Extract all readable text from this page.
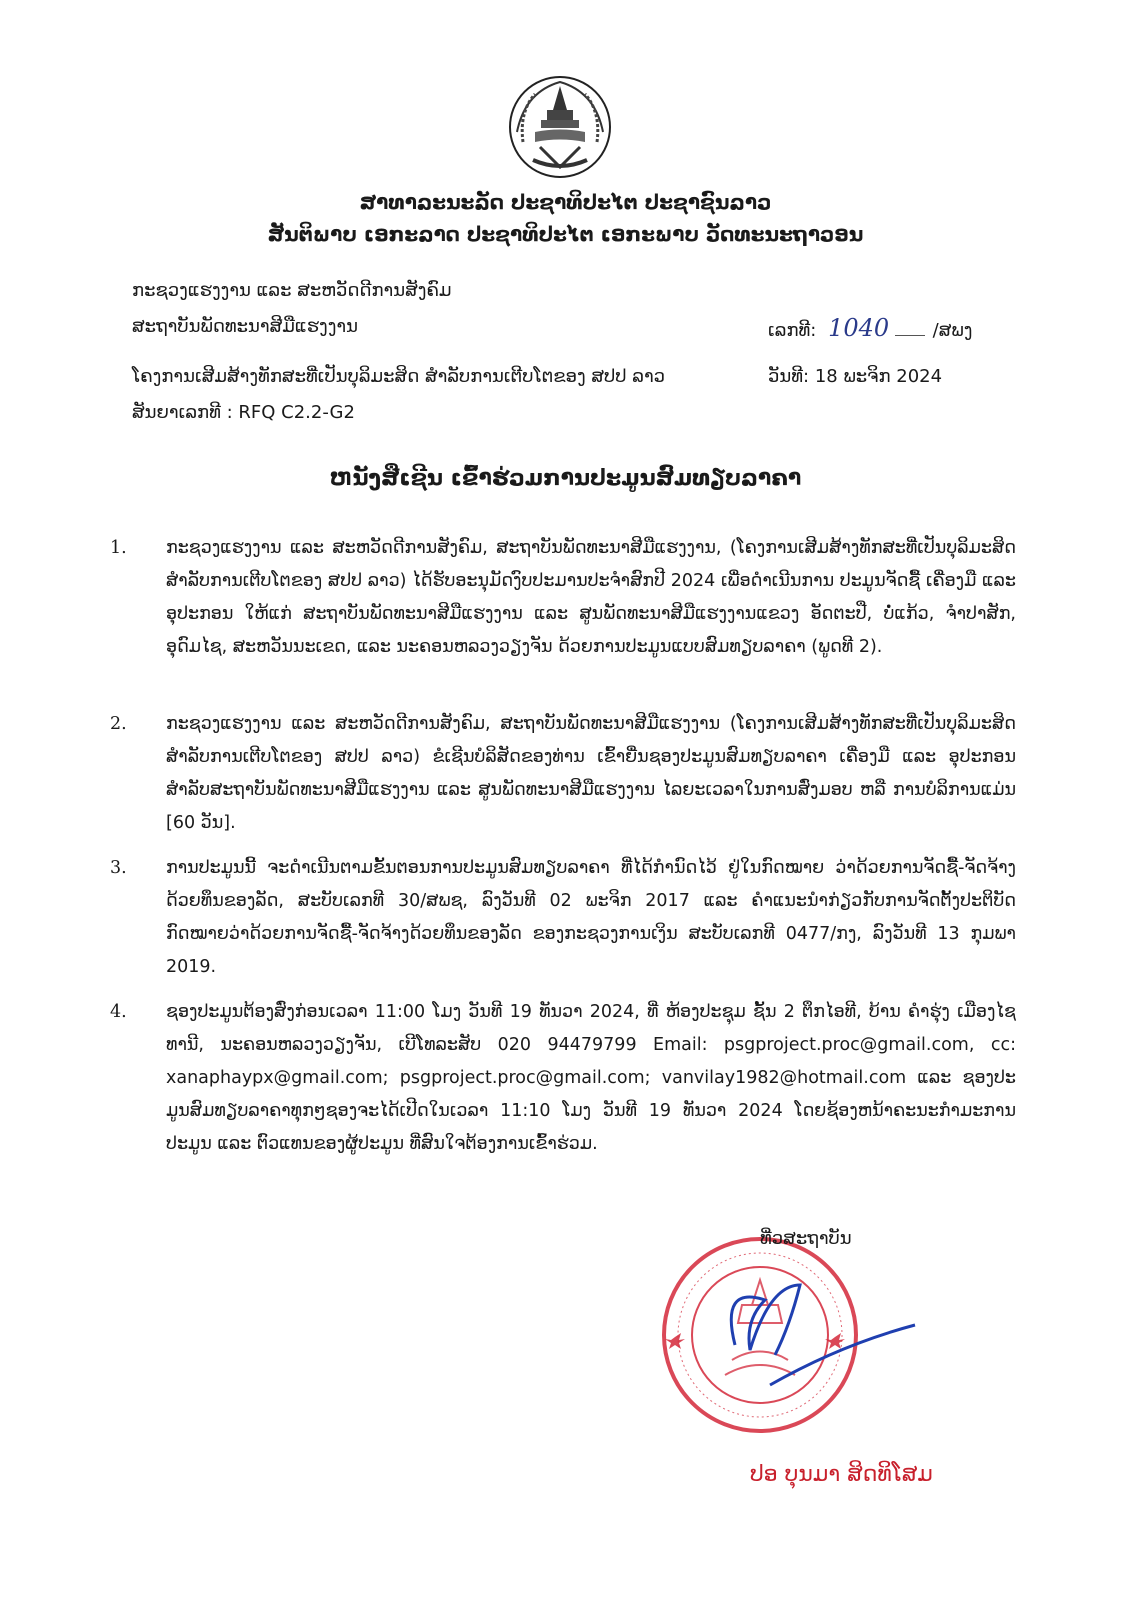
ສາທາລະນະລັດ ປະຊາທິປະໄຕ ປະຊາຊົນລາວ
ສັນຕິພາບ ເອກະລາດ ປະຊາທິປະໄຕ ເອກະພາບ ວັດທະນະຖາວອນ
ກະຊວງແຮງງານ ແລະ ສະຫວັດດີການສັງຄົມ
ສະຖາບັນພັດທະນາສີມືແຮງງານ	ເລກທີ: 1040 /ສພງ
ໂຄງການເສີມສ້າງທັກສະທີ່ເປັນບຸລິມະສິດ ສຳລັບການເຕີບໂຕຂອງ ສປປ ລາວ	ວັນທີ: 18 ພະຈິກ 2024
ສັນຍາເລກທີ : RFQ C2.2-G2
ຫນັງສືເຊີນ ເຂົ້າຮ່ວມການປະມູນສົມທຽບລາຄາ
1.	ກະຊວງແຮງງານ ແລະ ສະຫວັດດີການສັງຄົມ, ສະຖາບັນພັດທະນາສີມືແຮງງານ, (ໂຄງການເສີມສ້າງທັກສະທີ່ເປັນບຸລິມະສິດ ສຳລັບການເຕີບໂຕຂອງ ສປປ ລາວ) ໄດ້ຮັບອະນຸມັດງົບປະມານປະຈຳສົກປີ 2024 ເພື່ອດຳເນີນການ ປະມູນຈັດຊື້ ເຄື່ອງມື ແລະ ອຸປະກອນ ໃຫ້ແກ່ ສະຖາບັນພັດທະນາສີມືແຮງງານ ແລະ ສູນພັດທະນາສີມືແຮງງານແຂວງ ອັດຕະປື, ບໍ່ແກ້ວ, ຈຳປາສັກ, ອຸດົມໄຊ, ສະຫວັນນະເຂດ, ແລະ ນະຄອນຫລວງວຽງຈັນ ດ້ວຍການປະມູນແບບສົມທຽບລາຄາ (ພູດທີ 2).
2.	ກະຊວງແຮງງານ ແລະ ສະຫວັດດີການສັງຄົມ, ສະຖາບັນພັດທະນາສີມືແຮງງານ (ໂຄງການເສີມສ້າງທັກສະທີ່ເປັນບຸລິມະສິດ ສຳລັບການເຕີບໂຕຂອງ ສປປ ລາວ) ຂໍເຊີນບໍລິສັດຂອງທ່ານ ເຂົ້າຍື່ນຊອງປະມູນສົມທຽບລາຄາ ເຄື່ອງມື ແລະ ອຸປະກອນ ສຳລັບສະຖາບັນພັດທະນາສີມືແຮງງານ ແລະ ສູນພັດທະນາສີມືແຮງງານ ໄລຍະເວລາໃນການສົ່ງມອບ ຫລື ການບໍລິການແມ່ນ [60 ວັນ].
3.	ການປະມູນນີ້ ຈະດຳເນີນຕາມຂັ້ນຕອນການປະມູນສົມທຽບລາຄາ ທີ່ໄດ້ກຳນົດໄວ້ ຢູ່ໃນກົດໝາຍ ວ່າດ້ວຍການຈັດຊື້-ຈັດຈ້າງດ້ວຍທຶນຂອງລັດ, ສະບັບເລກທີ 30/ສພຊ, ລົງວັນທີ 02 ພະຈິກ 2017 ແລະ ຄຳແນະນຳກ່ຽວກັບການຈັດຕັ້ງປະຕິບັດ ກົດໝາຍວ່າດ້ວຍການຈັດຊື້-ຈັດຈ້າງດ້ວຍທຶນຂອງລັດ ຂອງກະຊວງການເງິນ ສະບັບເລກທີ 0477/ກງ, ລົງວັນທີ 13 ກຸມພາ 2019.
4.	ຊອງປະມູນຕ້ອງສົ່ງກ່ອນເວລາ 11:00 ໂມງ ວັນທີ 19 ທັນວາ 2024, ທີ່ ຫ້ອງປະຊຸມ ຊັ້ນ 2 ຕຶກໄອທີ, ບ້ານ ຄຳຮຸ່ງ ເມືອງໄຊທານີ, ນະຄອນຫລວງວຽງຈັນ, ເບີໂທລະສັບ 020 94479799 Email: psgproject.proc@gmail.com, cc: xanaphaypx@gmail.com; psgproject.proc@gmail.com; vanvilay1982@hotmail.com ແລະ ຊອງປະ ມູນສົມທຽບລາຄາທຸກໆຊອງຈະໄດ້ເປີດໃນເວລາ 11:10 ໂມງ ວັນທີ 19 ທັນວາ 2024 ໂດຍຊ້ອງຫນ້າຄະນະກຳມະການປະມູນ ແລະ ຕົວແທນຂອງຜູ້ປະມູນ ທີ່ສົນໃຈຕ້ອງການເຂົ້າຮ່ວມ.
ທີ່ວສະຖາບັນ
ປອ ບຸນມາ ສິດທິໂສມ
